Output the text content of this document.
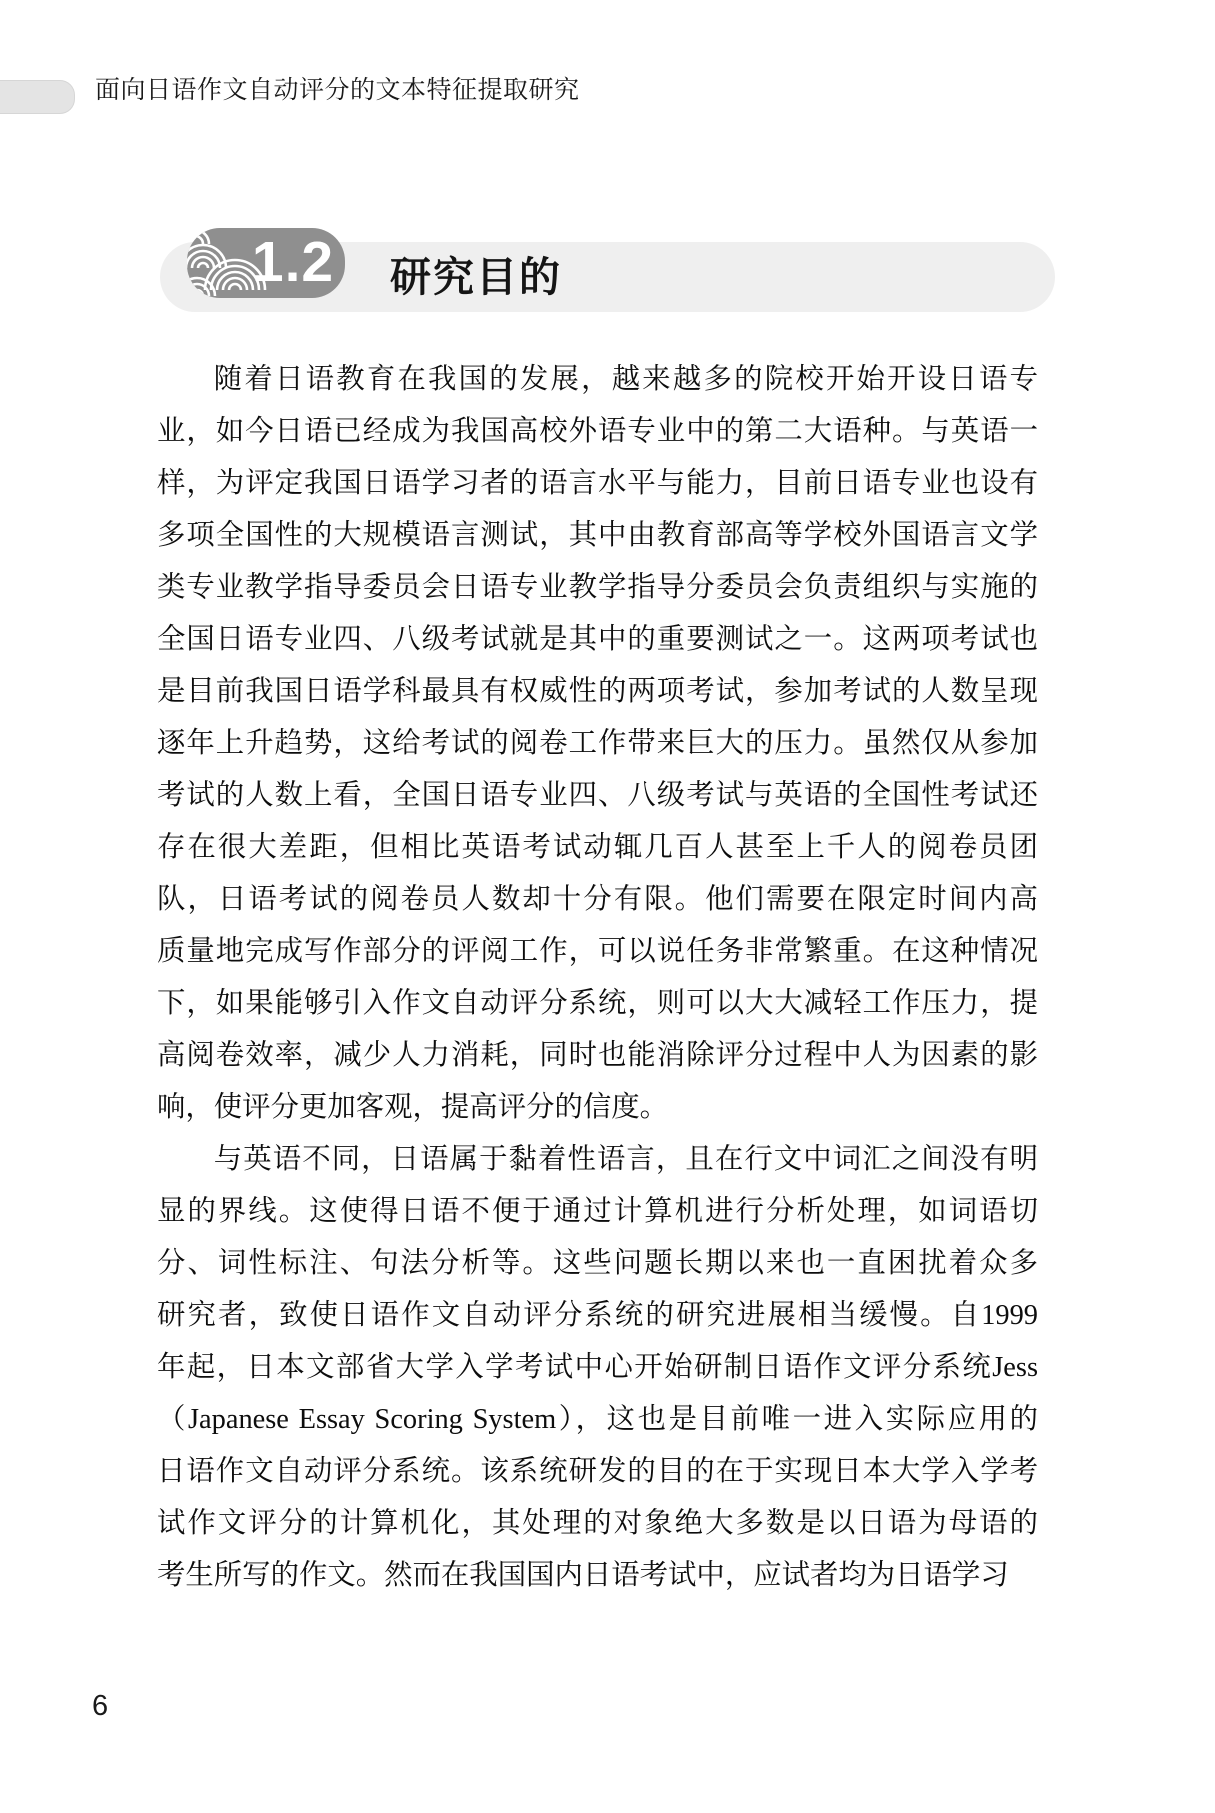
面向日语作文自动评分的文本特征提取研究
研究目的
1.2
随着日语教育在我国的发展，越来越多的院校开始开设日语专
业，如今日语已经成为我国高校外语专业中的第二大语种。与英语一
样，为评定我国日语学习者的语言水平与能力，目前日语专业也设有
多项全国性的大规模语言测试，其中由教育部高等学校外国语言文学
类专业教学指导委员会日语专业教学指导分委员会负责组织与实施的
全国日语专业四、八级考试就是其中的重要测试之一。这两项考试也
是目前我国日语学科最具有权威性的两项考试，参加考试的人数呈现
逐年上升趋势，这给考试的阅卷工作带来巨大的压力。虽然仅从参加
考试的人数上看，全国日语专业四、八级考试与英语的全国性考试还
存在很大差距，但相比英语考试动辄几百人甚至上千人的阅卷员团
队，日语考试的阅卷员人数却十分有限。他们需要在限定时间内高
质量地完成写作部分的评阅工作，可以说任务非常繁重。在这种情况
下，如果能够引入作文自动评分系统，则可以大大减轻工作压力，提
高阅卷效率，减少人力消耗，同时也能消除评分过程中人为因素的影
响，使评分更加客观，提高评分的信度。
与英语不同，日语属于黏着性语言，且在行文中词汇之间没有明
显的界线。这使得日语不便于通过计算机进行分析处理，如词语切
分、词性标注、句法分析等。这些问题长期以来也一直困扰着众多
研究者，致使日语作文自动评分系统的研究进展相当缓慢。自1999
年起，日本文部省大学入学考试中心开始研制日语作文评分系统Jess
（Japanese Essay Scoring System），这也是目前唯一进入实际应用的
日语作文自动评分系统。该系统研发的目的在于实现日本大学入学考
试作文评分的计算机化，其处理的对象绝大多数是以日语为母语的
考生所写的作文。然而在我国国内日语考试中，应试者均为日语学习
6
